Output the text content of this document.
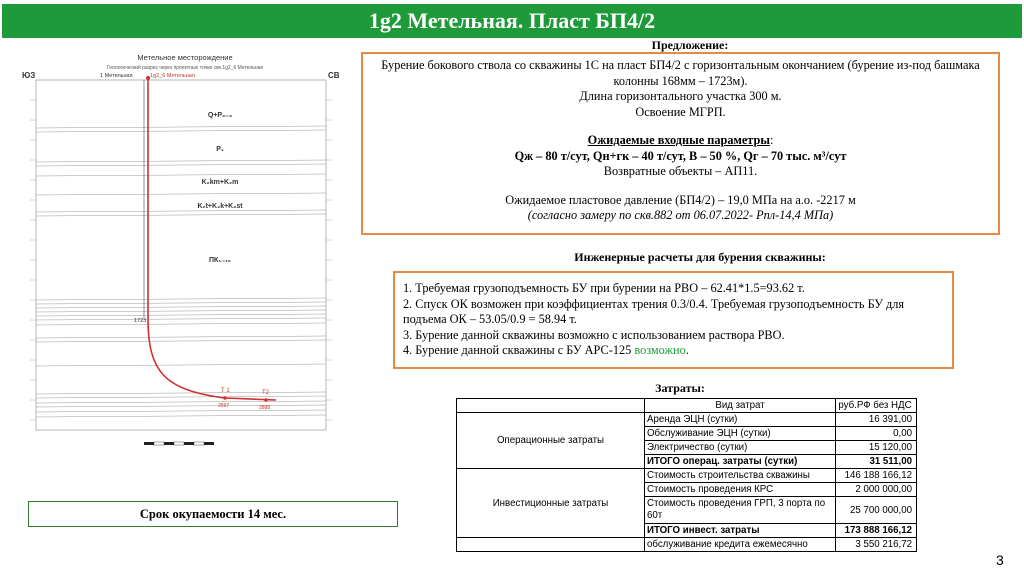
1g2 Метельная. Пласт БП4/2
Метельное месторождение
Геологический разрез через проектные точки скв.1g2_6 Метельная
ЮЗ	СВ
1 Метельная	1g2_6 Метельная
Q+P₂₋₃
P₁
K₂km+K₂m
K₂t+K₂k+K₂st
ПК₁₋₁₆
1723
Т 1	Т2
2597	2888
Предложение:
Бурение бокового ствола со скважины 1С на пласт БП4/2 с горизонтальным окончанием (бурение из-под башмака колонны 168мм – 1723м).
Длина горизонтального участка 300 м.
Освоение МГРП.
Ожидаемые входные параметры:
Qж – 80 т/сут, Qн+гк – 40 т/сут, В – 50 %, Qг – 70 тыс. м³/сут
Возвратные объекты – АП11.
Ожидаемое пластовое давление (БП4/2) – 19,0 МПа на а.о. -2217 м
(согласно замеру по скв.882 от 06.07.2022- Рпл-14,4 МПа)
Инженерные расчеты для бурения скважины:
1. Требуемая грузоподъемность БУ при бурении на РВО – 62.41*1.5=93.62 т.
2. Спуск ОК возможен при коэффициентах трения 0.3/0.4. Требуемая грузоподъемность БУ для подъема ОК – 53.05/0.9 = 58.94 т.
3. Бурение данной скважины возможно с использованием раствора РВО.
4. Бурение данной скважины с БУ АРС-125 возможно.
Затраты:
	Вид затрат	руб.РФ без НДС
Операционные затраты	Аренда ЭЦН (сутки)	16 391,00
	Обслуживание ЭЦН (сутки)	0,00
	Электричество (сутки)	15 120,00
	ИТОГО операц. затраты (сутки)	31 511,00
Инвестиционные затраты	Стоимость строительства скважины	146 188 166,12
	Стоимость проведения КРС	2 000 000,00
	Стоимость проведения ГРП, 3 порта по 60т	25 700 000,00
	ИТОГО инвест. затраты	173 888 166,12
	обслуживание кредита ежемесячно	3 550 216,72
Срок окупаемости 14 мес.
3
